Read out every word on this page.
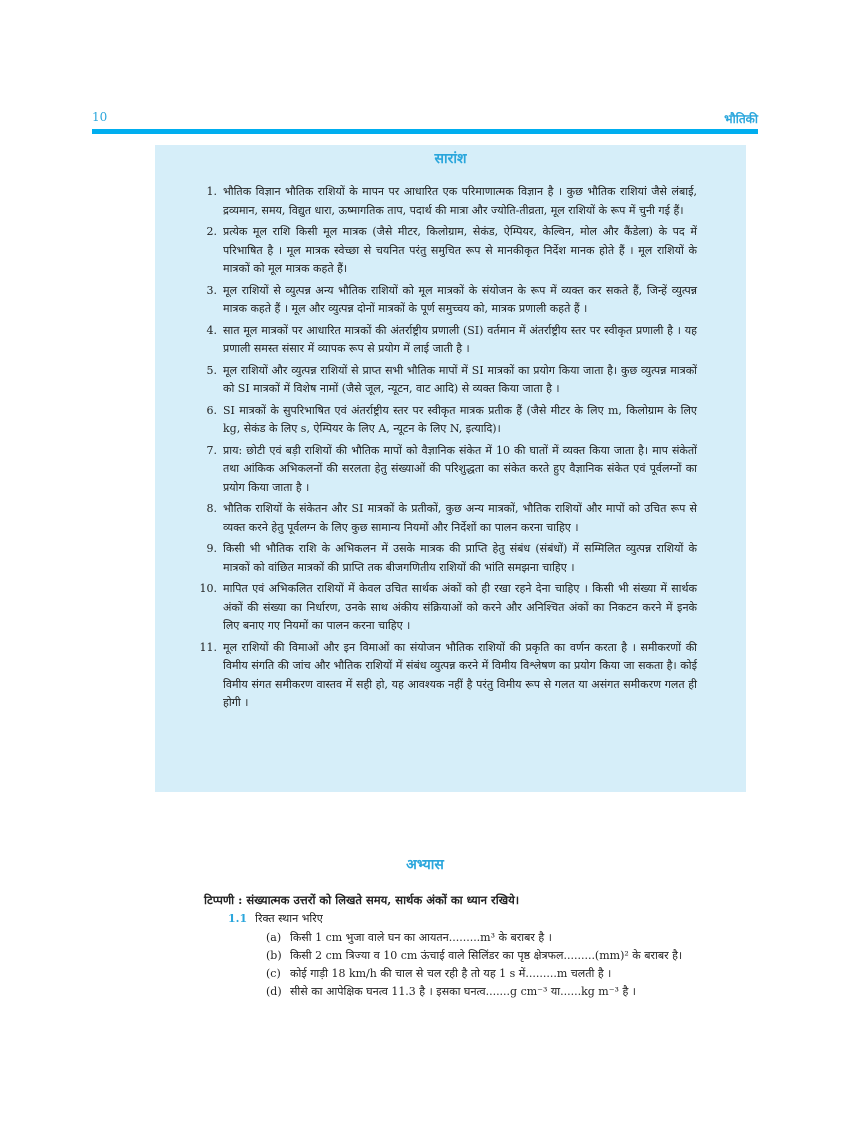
10	भौतिकी
सारांश
1. भौतिक विज्ञान भौतिक राशियों के मापन पर आधारित एक परिमाणात्मक विज्ञान है । कुछ भौतिक राशियां जैसे लंबाई, द्रव्यमान, समय, विद्युत धारा, ऊष्मागतिक ताप, पदार्थ की मात्रा और ज्योति-तीव्रता, मूल राशियों के रूप में चुनी गई हैं।
2. प्रत्येक मूल राशि किसी मूल मात्रक (जैसे मीटर, किलोग्राम, सेकंड, ऐम्पियर, केल्विन, मोल और कैंडेला) के पद में परिभाषित है । मूल मात्रक स्वेच्छा से चयनित परंतु समुचित रूप से मानकीकृत निर्देश मानक होते हैं । मूल राशियों के मात्रकों को मूल मात्रक कहते हैं।
3. मूल राशियों से व्युत्पन्न अन्य भौतिक राशियों को मूल मात्रकों के संयोजन के रूप में व्यक्त कर सकते हैं, जिन्हें व्युत्पन्न मात्रक कहते हैं । मूल और व्युत्पन्न दोनों मात्रकों के पूर्ण समुच्चय को, मात्रक प्रणाली कहते हैं ।
4. सात मूल मात्रकों पर आधारित मात्रकों की अंतर्राष्ट्रीय प्रणाली (SI) वर्तमान में अंतर्राष्ट्रीय स्तर पर स्वीकृत प्रणाली है । यह प्रणाली समस्त संसार में व्यापक रूप से प्रयोग में लाई जाती है ।
5. मूल राशियों और व्युत्पन्न राशियों से प्राप्त सभी भौतिक मापों में SI मात्रकों का प्रयोग किया जाता है। कुछ व्युत्पन्न मात्रकों को SI मात्रकों में विशेष नामों (जैसे जूल, न्यूटन, वाट आदि) से व्यक्त किया जाता है ।
6. SI मात्रकों के सुपरिभाषित एवं अंतर्राष्ट्रीय स्तर पर स्वीकृत मात्रक प्रतीक हैं (जैसे मीटर के लिए m, किलोग्राम के लिए kg, सेकंड के लिए s, ऐम्पियर के लिए A, न्यूटन के लिए N, इत्यादि)।
7. प्राय: छोटी एवं बड़ी राशियों की भौतिक मापों को वैज्ञानिक संकेत में 10 की घातों में व्यक्त किया जाता है। माप संकेतों तथा आंकिक अभिकलनों की सरलता हेतु संख्याओं की परिशुद्धता का संकेत करते हुए वैज्ञानिक संकेत एवं पूर्वलग्नों का प्रयोग किया जाता है ।
8. भौतिक राशियों के संकेतन और SI मात्रकों के प्रतीकों, कुछ अन्य मात्रकों, भौतिक राशियों और मापों को उचित रूप से व्यक्त करने हेतु पूर्वलग्न के लिए कुछ सामान्य नियमों और निर्देशों का पालन करना चाहिए ।
9. किसी भी भौतिक राशि के अभिकलन में उसके मात्रक की प्राप्ति हेतु संबंध (संबंधों) में सम्मिलित व्युत्पन्न राशियों के मात्रकों को वांछित मात्रकों की प्राप्ति तक बीजगणितीय राशियों की भांति समझना चाहिए ।
10. मापित एवं अभिकलित राशियों में केवल उचित सार्थक अंकों को ही रखा रहने देना चाहिए । किसी भी संख्या में सार्थक अंकों की संख्या का निर्धारण, उनके साथ अंकीय संक्रियाओं को करने और अनिश्चित अंकों का निकटन करने में इनके लिए बनाए गए नियमों का पालन करना चाहिए ।
11. मूल राशियों की विमाओं और इन विमाओं का संयोजन भौतिक राशियों की प्रकृति का वर्णन करता है । समीकरणों की विमीय संगति की जांच और भौतिक राशियों में संबंध व्युत्पन्न करने में विमीय विश्लेषण का प्रयोग किया जा सकता है। कोई विमीय संगत समीकरण वास्तव में सही हो, यह आवश्यक नहीं है परंतु विमीय रूप से गलत या असंगत समीकरण गलत ही होगी ।
अभ्यास
टिप्पणी : संख्यात्मक उत्तरों को लिखते समय, सार्थक अंकों का ध्यान रखिये।
1.1 रिक्त स्थान भरिए
(a) किसी 1 cm भुजा वाले घन का आयतन.........m³ के बराबर है ।
(b) किसी 2 cm त्रिज्या व 10 cm ऊंचाई वाले सिलिंडर का पृष्ठ क्षेत्रफल.........(mm)² के बराबर है।
(c) कोई गाड़ी 18 km/h की चाल से चल रही है तो यह 1 s में.........m चलती है ।
(d) सीसे का आपेक्षिक घनत्व 11.3 है । इसका घनत्व.......g cm⁻³ या......kg m⁻³ है ।
